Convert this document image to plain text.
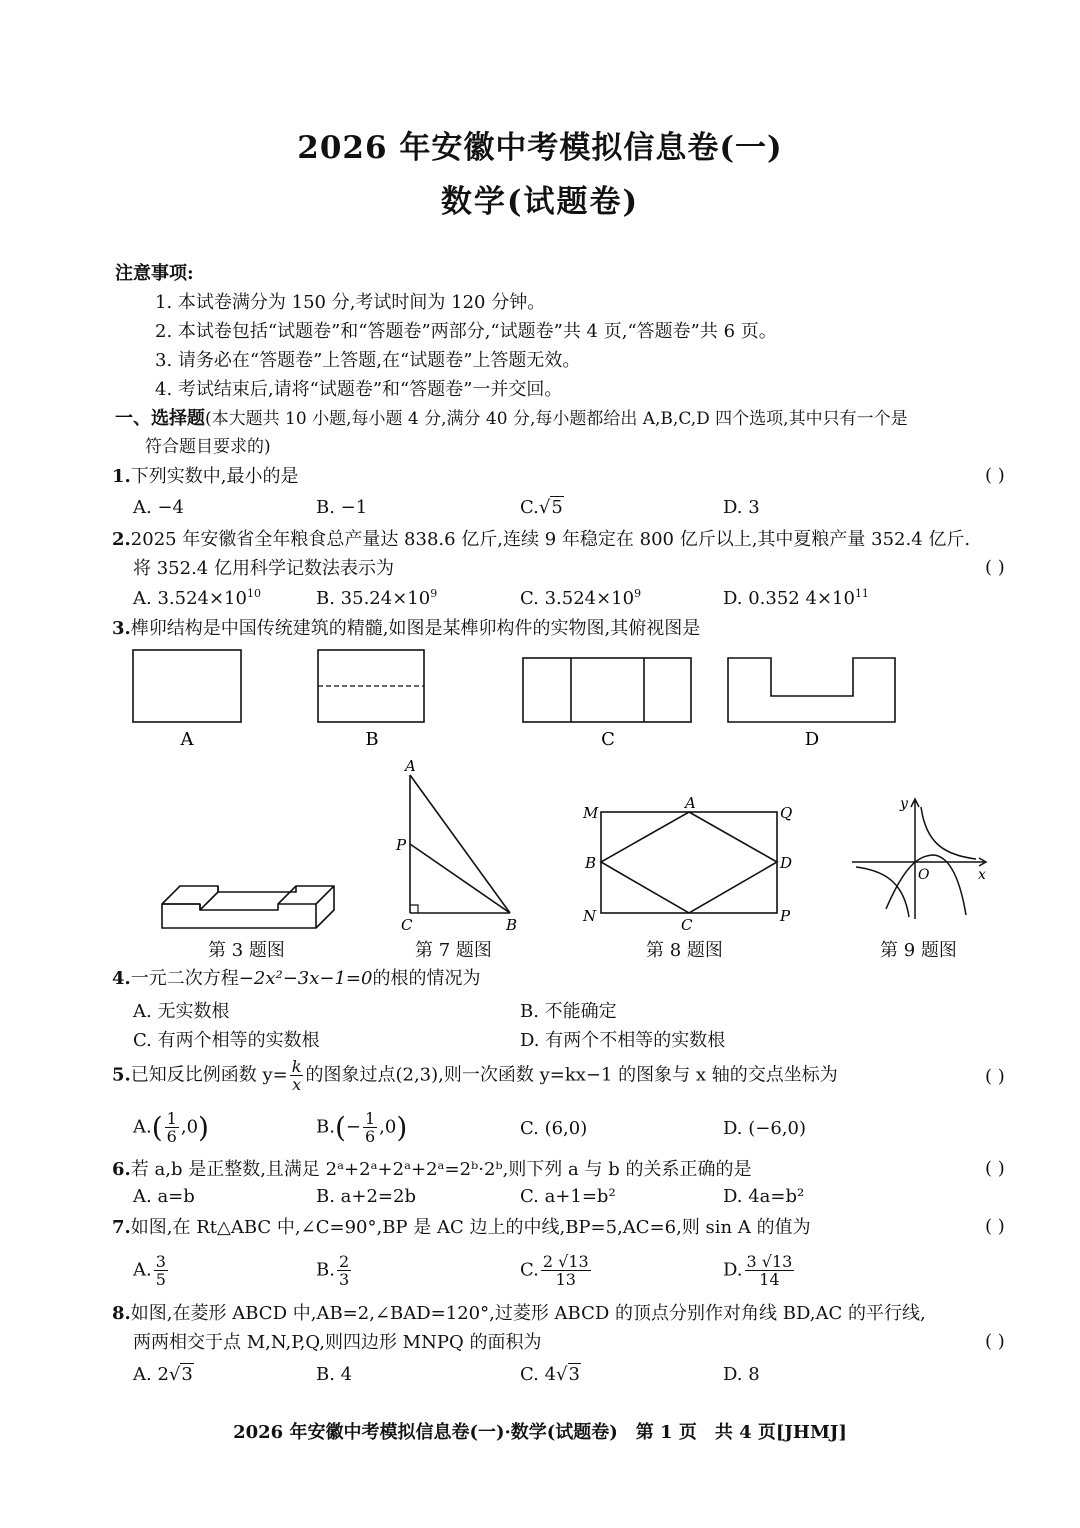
2026 年安徽中考模拟信息卷(一)
数学(试题卷)
注意事项:
1. 本试卷满分为 150 分,考试时间为 120 分钟。
2. 本试卷包括“试题卷”和“答题卷”两部分,“试题卷”共 4 页,“答题卷”共 6 页。
3. 请务必在“答题卷”上答题,在“试题卷”上答题无效。
4. 考试结束后,请将“试题卷”和“答题卷”一并交回。
一、选择题(本大题共 10 小题,每小题 4 分,满分 40 分,每小题都给出 A,B,C,D 四个选项,其中只有一个是
符合题目要求的)
1.下列实数中,最小的是	( )
A. −4	B. −1	C.√5	D. 3
2.2025 年安徽省全年粮食总产量达 838.6 亿斤,连续 9 年稳定在 800 亿斤以上,其中夏粮产量 352.4 亿斤.
将 352.4 亿用科学记数法表示为	( )
A. $3.524\times 10^{10}$	B. $35.24\times 10^9$	C. $3.524\times 10^9$	D. 0.352 $4\times 10^{11}$
3.榫卯结构是中国传统建筑的精髓,如图是某榫卯构件的实物图,其俯视图是
A	B	C	D
第 3 题图
A
P
C	B
第 7 题图
M
A
Q
B	D
N	C	P
第 8 题图
y
O	x
第 9 题图
4.一元二次方程−2x²−3x−1=0的根的情况为
A. 无实数根	B. 不能确定
C. 有两个相等的实数根	D. 有两个不相等的实数根
5.已知反比例函数 $y= \frac{k}{x}$ 的图象过点(2,3),则一次函数 y=kx−1 的图象与 x 轴的交点坐标为	( )
$A.( \frac{1}{6} ,0)$	$B.(- \frac{1}{6} ,0)$	C. (6,0)	D. (−6,0)
6.若 a,b 是正整数,且满足 2ᵃ+2ᵃ+2ᵃ+2ᵃ=2ᵇ·2ᵇ,则下列 a 与 b 的关系正确的是	( )
A. a=b	B. a+2=2b	C. a+1=b²	D. 4a=b²
7.如图,在 Rt△ABC 中,∠C=90°,BP 是 AC 边上的中线,BP=5,AC=6,则 sin A 的值为	( )
A. $\frac{3}{5}$	B. $\frac{2}{3}$	C. $\frac{2 √13}{13}$	D. $\frac{3 √13}{14}$
8.如图,在菱形 ABCD 中,AB=2,∠BAD=120°,过菱形 ABCD 的顶点分别作对角线 BD,AC 的平行线,
两两相交于点 M,N,P,Q,则四边形 MNPQ 的面积为	( )
A. 2√3	B. 4	C. 4√3	D. 8
2026 年安徽中考模拟信息卷(一)·数学(试题卷)　第 1 页　共 4 页[JHMJ]
